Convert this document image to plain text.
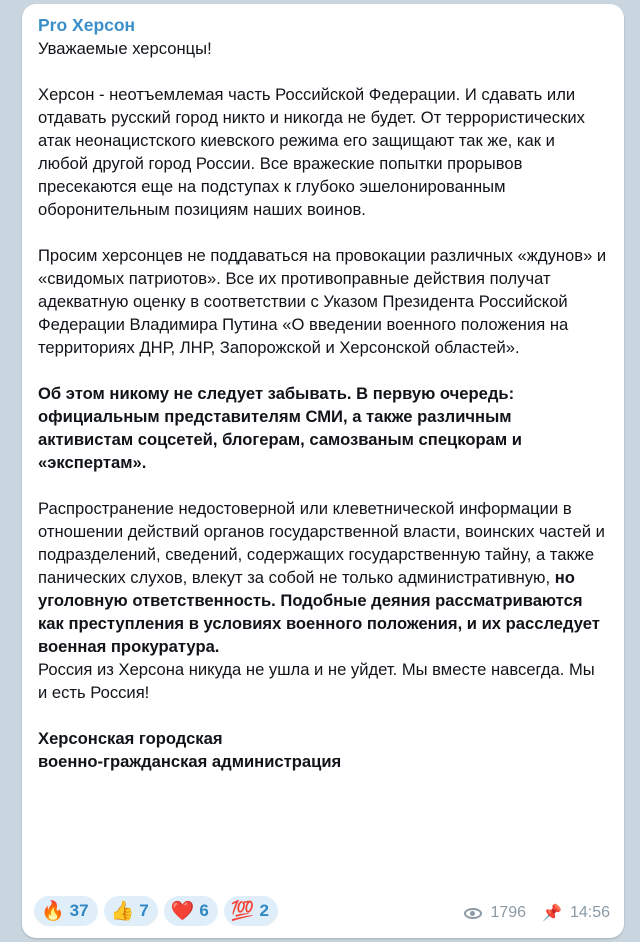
Pro Херсон

Уважаемые херсонцы!

Херсон - неотъемлемая часть Российской Федерации. И сдавать или отдавать русский город никто и никогда не будет. От террористических атак неонацистского киевского режима его защищают так же, как и любой другой город России. Все вражеские попытки прорывов пресекаются еще на подступах к глубоко эшелонированным оборонительным позициям наших воинов.

Просим херсонцев не поддаваться на провокации различных «ждунов» и «свидомых патриотов». Все их противоправные действия получат адекватную оценку в соответствии с Указом Президента Российской Федерации Владимира Путина «О введении военного положения на территориях ДНР, ЛНР, Запорожской и Херсонской областей».

Об этом никому не следует забывать. В первую очередь: официальным представителям СМИ, а также различным активистам соцсетей, блогерам, самозваным спецкорам и «экспертам».

Распространение недостоверной или клеветнической информации в отношении действий органов государственной власти, воинских частей и подразделений, сведений, содержащих государственную тайну, а также панических слухов, влекут за собой не только административную, но уголовную ответственность. Подобные деяния рассматриваются как преступления в условиях военного положения, и их расследует военная прокуратура.

Россия из Херсона никуда не ушла и не уйдет. Мы вместе навсегда. Мы и есть Россия!

Херсонская городская

военно-гражданская администрация

🔥 37 👍 7 ❤️ 6 💯 2	1796 📌 14:56
